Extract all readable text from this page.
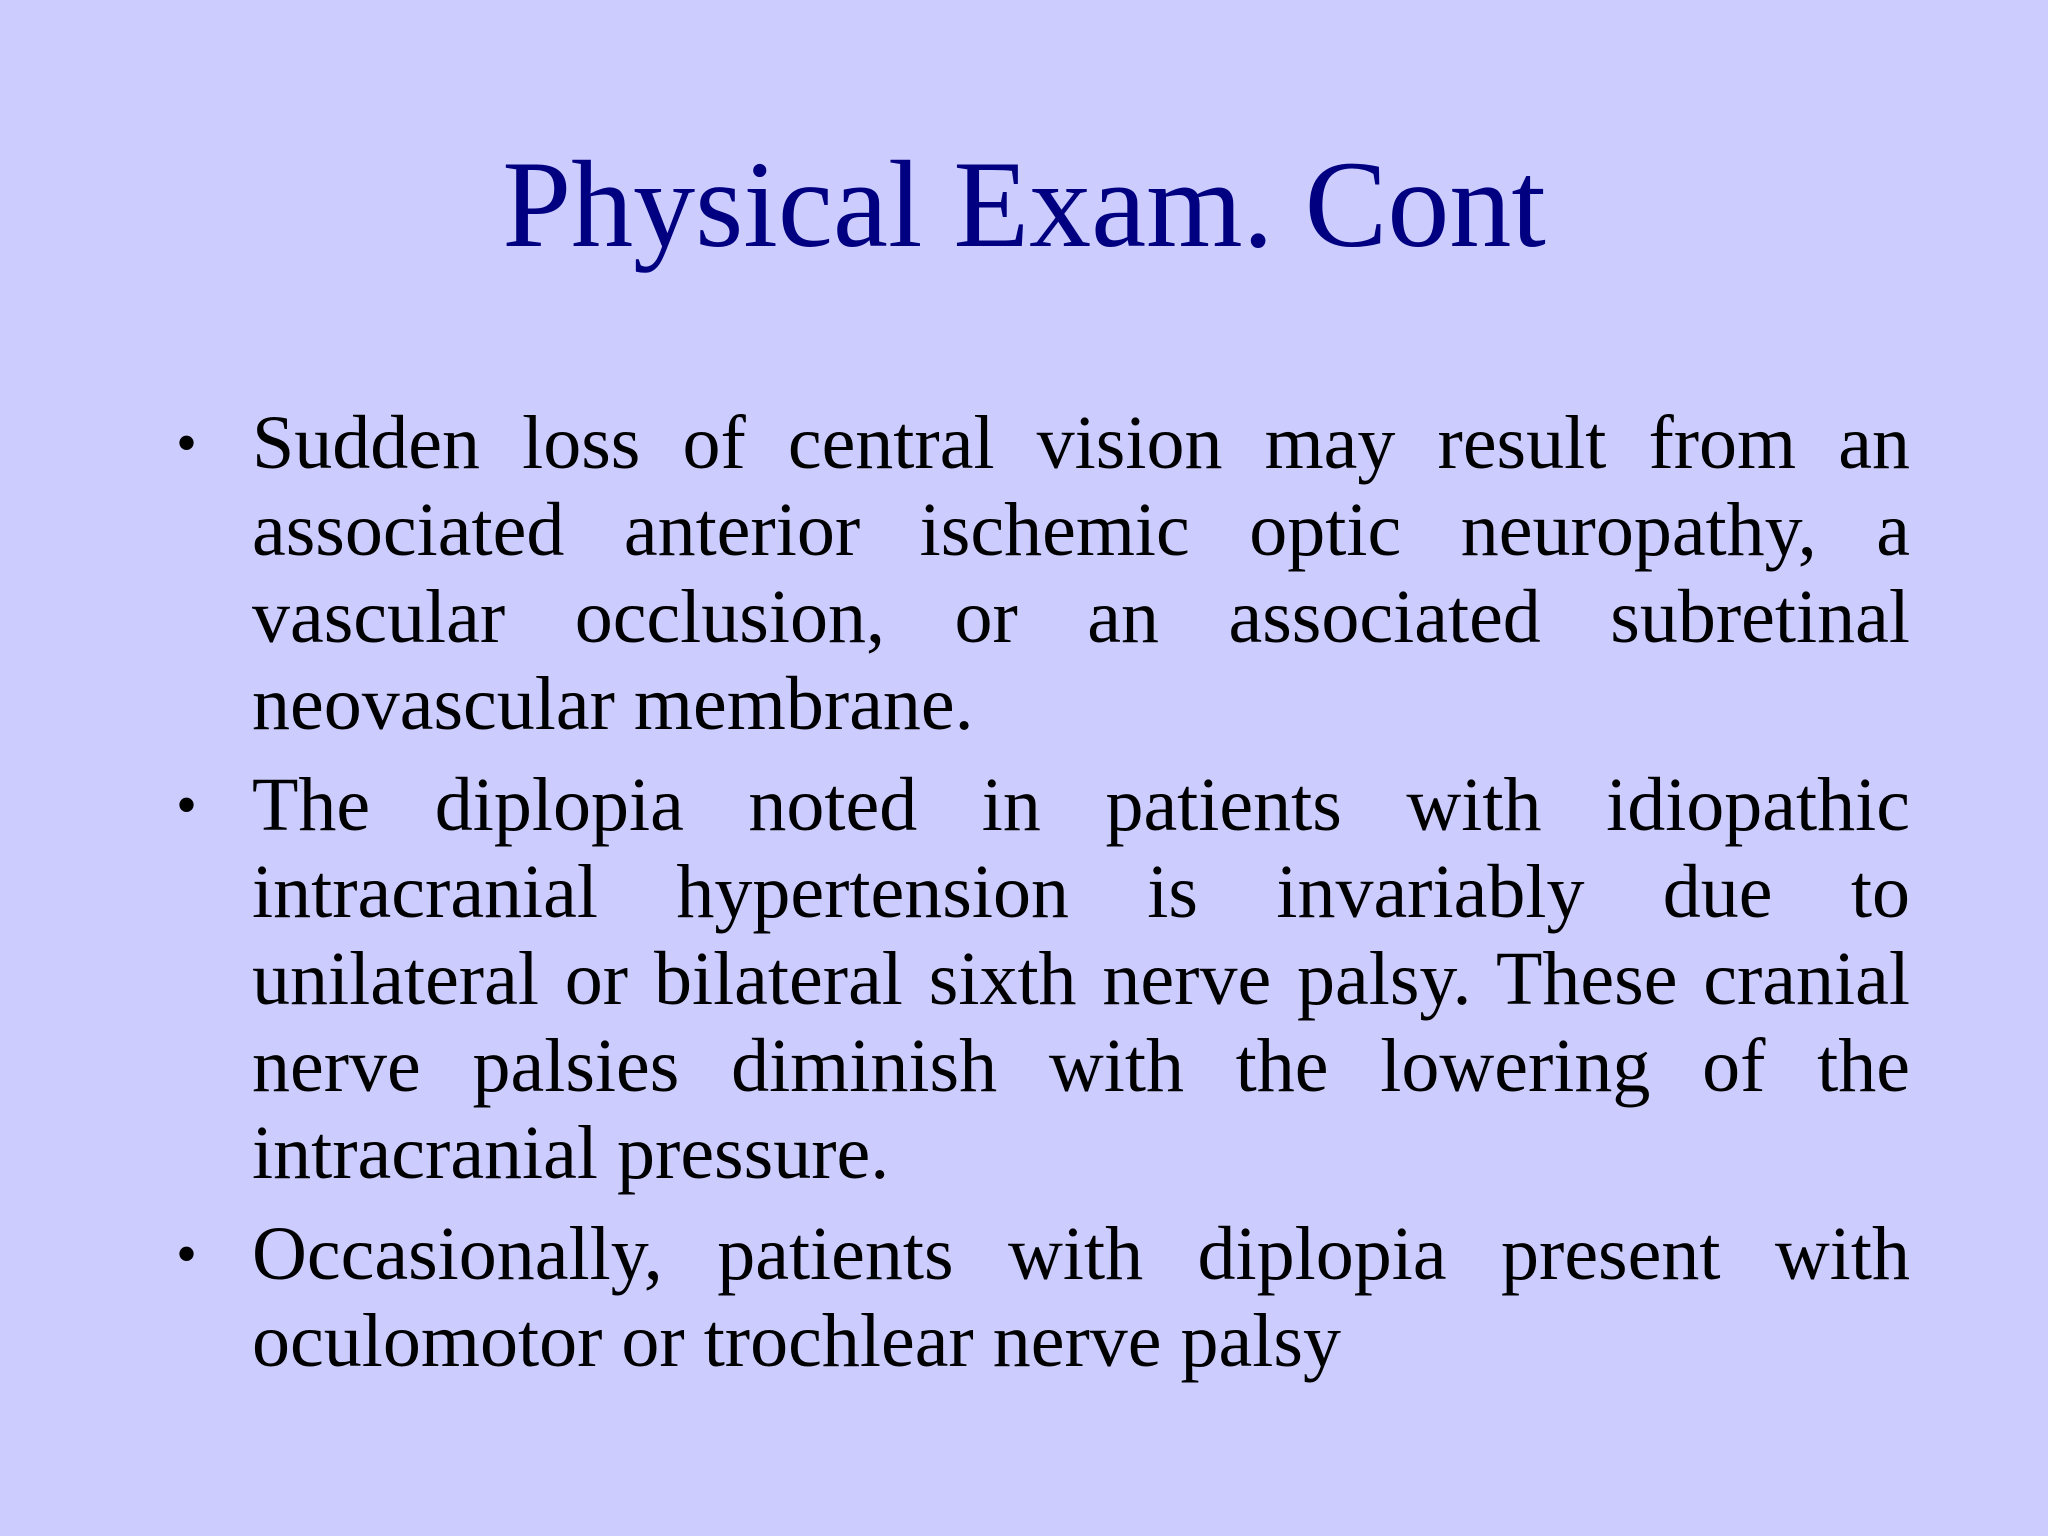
Physical Exam. Cont
• Sudden loss of central vision may result from an associated anterior ischemic optic neuropathy, a vascular occlusion, or an associated subretinal neovascular membrane.
• The diplopia noted in patients with idiopathic intracranial hypertension is invariably due to unilateral or bilateral sixth nerve palsy. These cranial nerve palsies diminish with the lowering of the intracranial pressure.
• Occasionally, patients with diplopia present with oculomotor or trochlear nerve palsy
